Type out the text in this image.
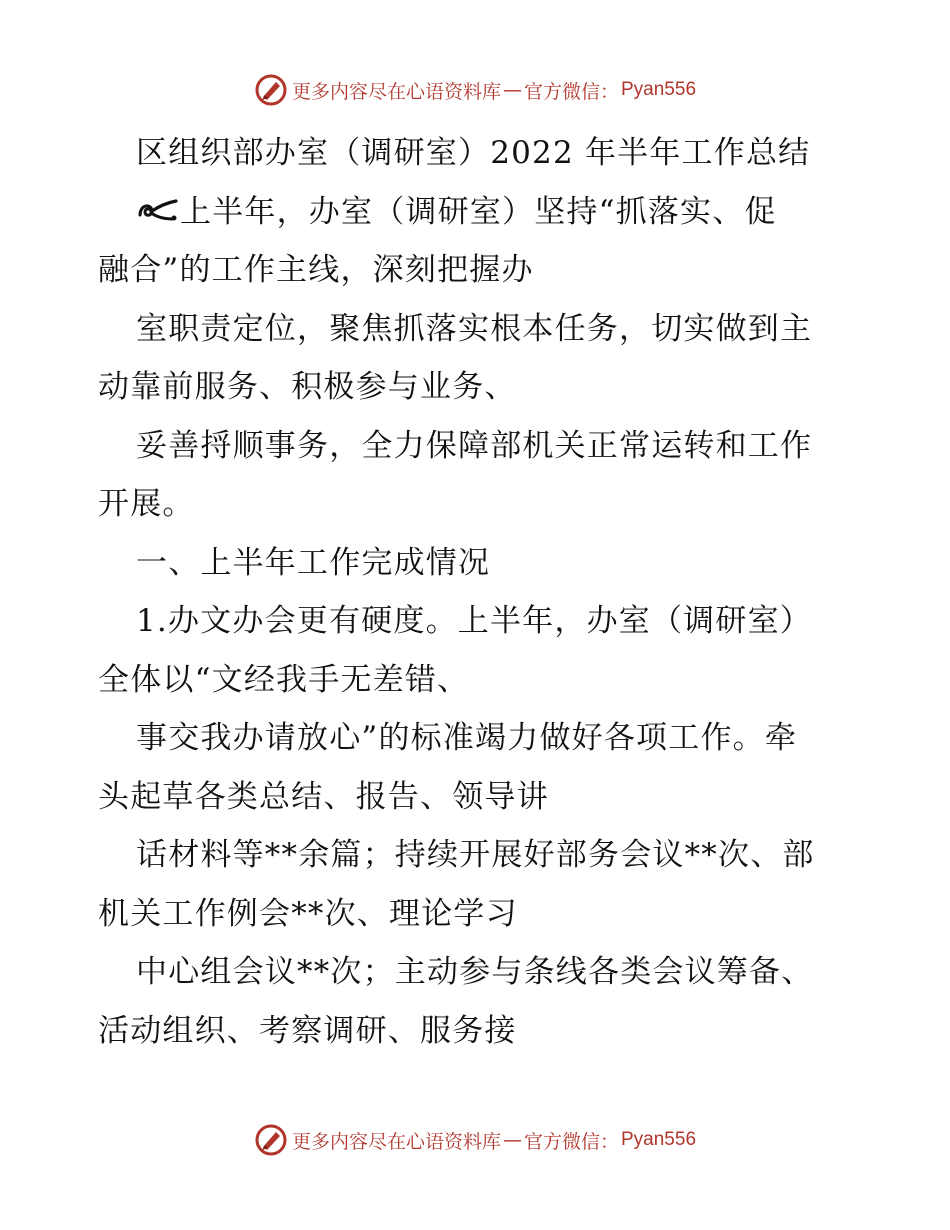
更多内容尽在心语资料库 — 官方微信： Pyan556
区组织部办室（调研室）2022 年半年工作总结
上半年，办室（调研室）坚持“抓落实、促
融合”的工作主线，深刻把握办
室职责定位，聚焦抓落实根本任务，切实做到主
动靠前服务、积极参与业务、
妥善捋顺事务，全力保障部机关正常运转和工作
开展。
一、上半年工作完成情况
1.办文办会更有硬度。上半年，办室（调研室）
全体以“文经我手无差错、
事交我办请放心”的标准竭力做好各项工作。牵
头起草各类总结、报告、领导讲
话材料等**余篇；持续开展好部务会议**次、部
机关工作例会**次、理论学习
中心组会议**次；主动参与条线各类会议筹备、
活动组织、考察调研、服务接
更多内容尽在心语资料库 — 官方微信： Pyan556
